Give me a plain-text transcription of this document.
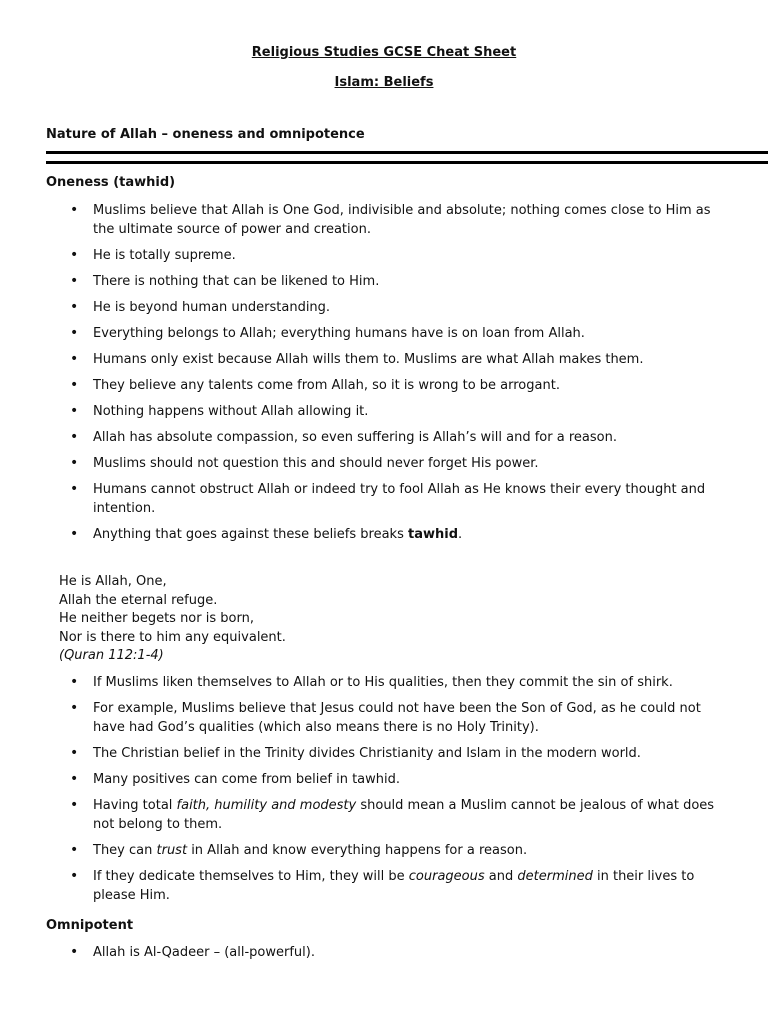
Religious Studies GCSE Cheat Sheet
Islam: Beliefs
Nature of Allah – oneness and omnipotence
Oneness (tawhid)
• Muslims believe that Allah is One God, indivisible and absolute; nothing comes close to Him as the ultimate source of power and creation.
• He is totally supreme.
• There is nothing that can be likened to Him.
• He is beyond human understanding.
• Everything belongs to Allah; everything humans have is on loan from Allah.
• Humans only exist because Allah wills them to. Muslims are what Allah makes them.
• They believe any talents come from Allah, so it is wrong to be arrogant.
• Nothing happens without Allah allowing it.
• Allah has absolute compassion, so even suffering is Allah’s will and for a reason.
• Muslims should not question this and should never forget His power.
• Humans cannot obstruct Allah or indeed try to fool Allah as He knows their every thought and intention.
• Anything that goes against these beliefs breaks tawhid.
He is Allah, One,
Allah the eternal refuge.
He neither begets nor is born,
Nor is there to him any equivalent.
(Quran 112:1-4)
• If Muslims liken themselves to Allah or to His qualities, then they commit the sin of shirk.
• For example, Muslims believe that Jesus could not have been the Son of God, as he could not have had God’s qualities (which also means there is no Holy Trinity).
• The Christian belief in the Trinity divides Christianity and Islam in the modern world.
• Many positives can come from belief in tawhid.
• Having total faith, humility and modesty should mean a Muslim cannot be jealous of what does not belong to them.
• They can trust in Allah and know everything happens for a reason.
• If they dedicate themselves to Him, they will be courageous and determined in their lives to please Him.
Omnipotent
• Allah is Al-Qadeer – (all-powerful).
